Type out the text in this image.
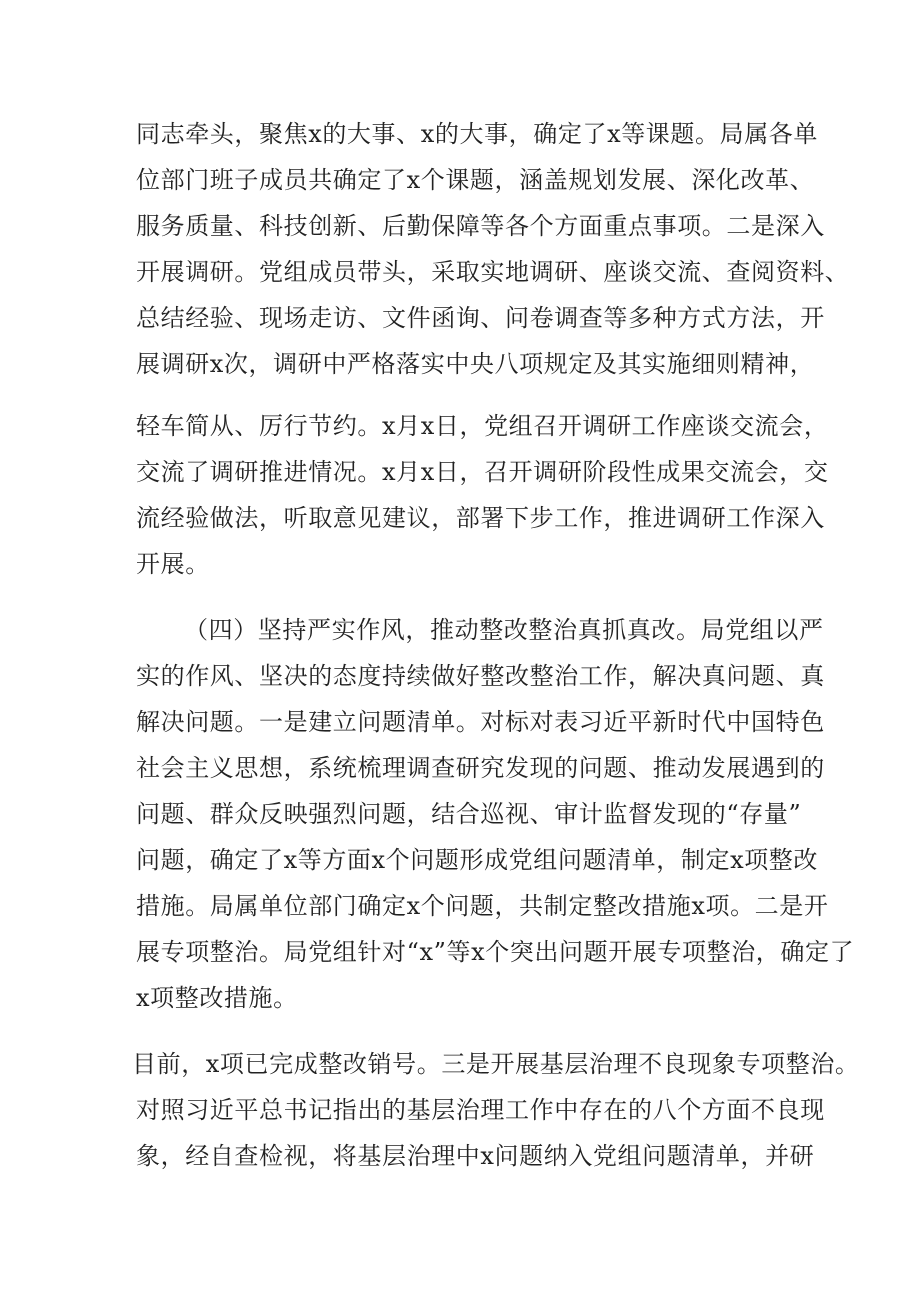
同志牵头，聚焦x的大事、x的大事，确定了x等课题。局属各单
位部门班子成员共确定了x个课题，涵盖规划发展、深化改革、
服务质量、科技创新、后勤保障等各个方面重点事项。二是深入
开展调研。党组成员带头，采取实地调研、座谈交流、查阅资料、
总结经验、现场走访、文件函询、问卷调查等多种方式方法，开
展调研x次，调研中严格落实中央八项规定及其实施细则精神，
轻车简从、厉行节约。x月x日，党组召开调研工作座谈交流会，
交流了调研推进情况。x月x日，召开调研阶段性成果交流会，交
流经验做法，听取意见建议，部署下步工作，推进调研工作深入
开展。
（四）坚持严实作风，推动整改整治真抓真改。局党组以严
实的作风、坚决的态度持续做好整改整治工作，解决真问题、真
解决问题。一是建立问题清单。对标对表习近平新时代中国特色
社会主义思想，系统梳理调查研究发现的问题、推动发展遇到的
问题、群众反映强烈问题，结合巡视、审计监督发现的“存量”
问题，确定了x等方面x个问题形成党组问题清单，制定x项整改
措施。局属单位部门确定x个问题，共制定整改措施x项。二是开
展专项整治。局党组针对“x”等x个突出问题开展专项整治，确定了
x项整改措施。
目前，x项已完成整改销号。三是开展基层治理不良现象专项整治。
对照习近平总书记指出的基层治理工作中存在的八个方面不良现
象，经自查检视，将基层治理中x问题纳入党组问题清单，并研
